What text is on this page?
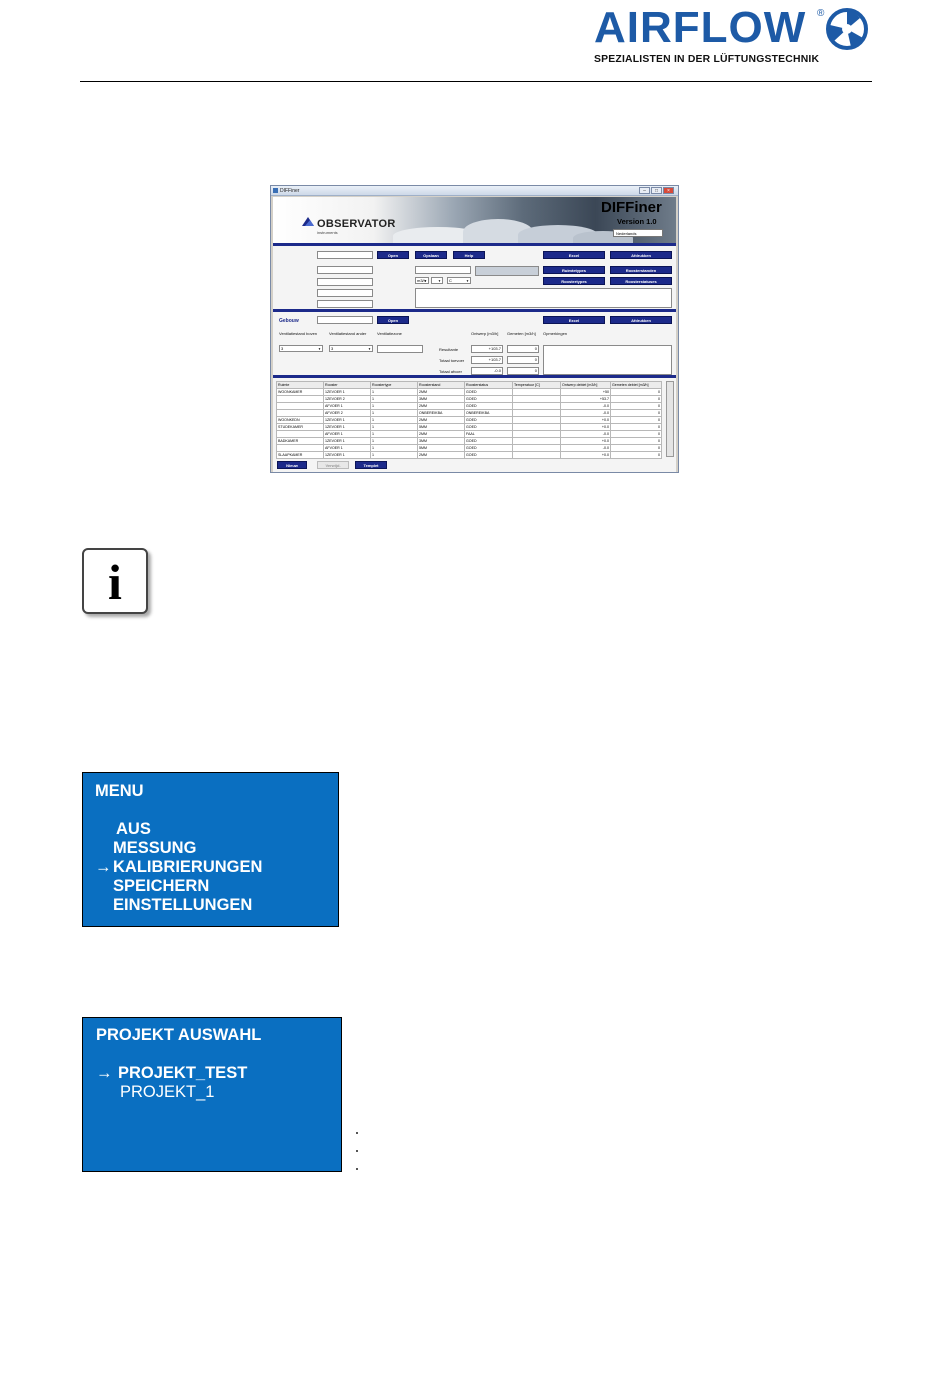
AIRFLOW ®
SPEZIALISTEN IN DER LÜFTUNGSTECHNIK
DIFFiner	–	□	×
OBSERVATOR
instruments
DIFFiner
Version 1.0
Nederlands
Open	Opslaan	Help	Excel	Afdrukken
m3/h ▼ ▼	C ▼
Ruimtetypes	Roosterstanden
Roostertypes	Roosterstatuses
Gebouw	Open	Excel	Afdrukken
Ventilatiestand boven	Ventilatiestand ander	Ventilatiezone	Ontwerp [m3/h] Gemeten [m3/h] Opmerkingen
3 ▼	3 ▼	Resultante	+103.7	0
Totaal toevoer	+103.7	0
Totaal afvoer	-0.0	0
Ruimte	Rooster	Roostertype	Roosterstand	Roosterstatus	Temperatuur [C]	Ontwerp debiet [m3/h]	Gemeten debiet [m3/h]
WOONKAMER	1ZEVOER 1	1	2MM	GOED		+50	0
	1ZEVOER 2	1	3MM	GOED		+53.7	0
	AFVOER 1	1	2MM	GOED		-0.0	0
	AFVOER 2	1	ONBEREIKBA	ONBEREIKBA		-0.0	0
WOONKEDN	1ZEVOER 1	1	2MM	GOED		+0.0	0
STUDEKAMER	1ZEVOER 1	1	5MM	GOED		+0.0	0
	AFVOER 1	1	2MM	FAAL		-0.0	0
BADKAMER	1ZEVOER 1	1	3MM	GOED		+0.0	0
	AFVOER 1	1	5MM	GOED		-0.0	0
SLAAPKAMER	1ZEVOER 1	1	2MM	GOED		+0.0	0
Nieuw	Verwijd.	Templet
i
MENU
AUS
MESSUNG
→ KALIBRIERUNGEN
SPEICHERN
EINSTELLUNGEN
PROJEKT AUSWAHL
→ PROJEKT_TEST
PROJEKT_1
